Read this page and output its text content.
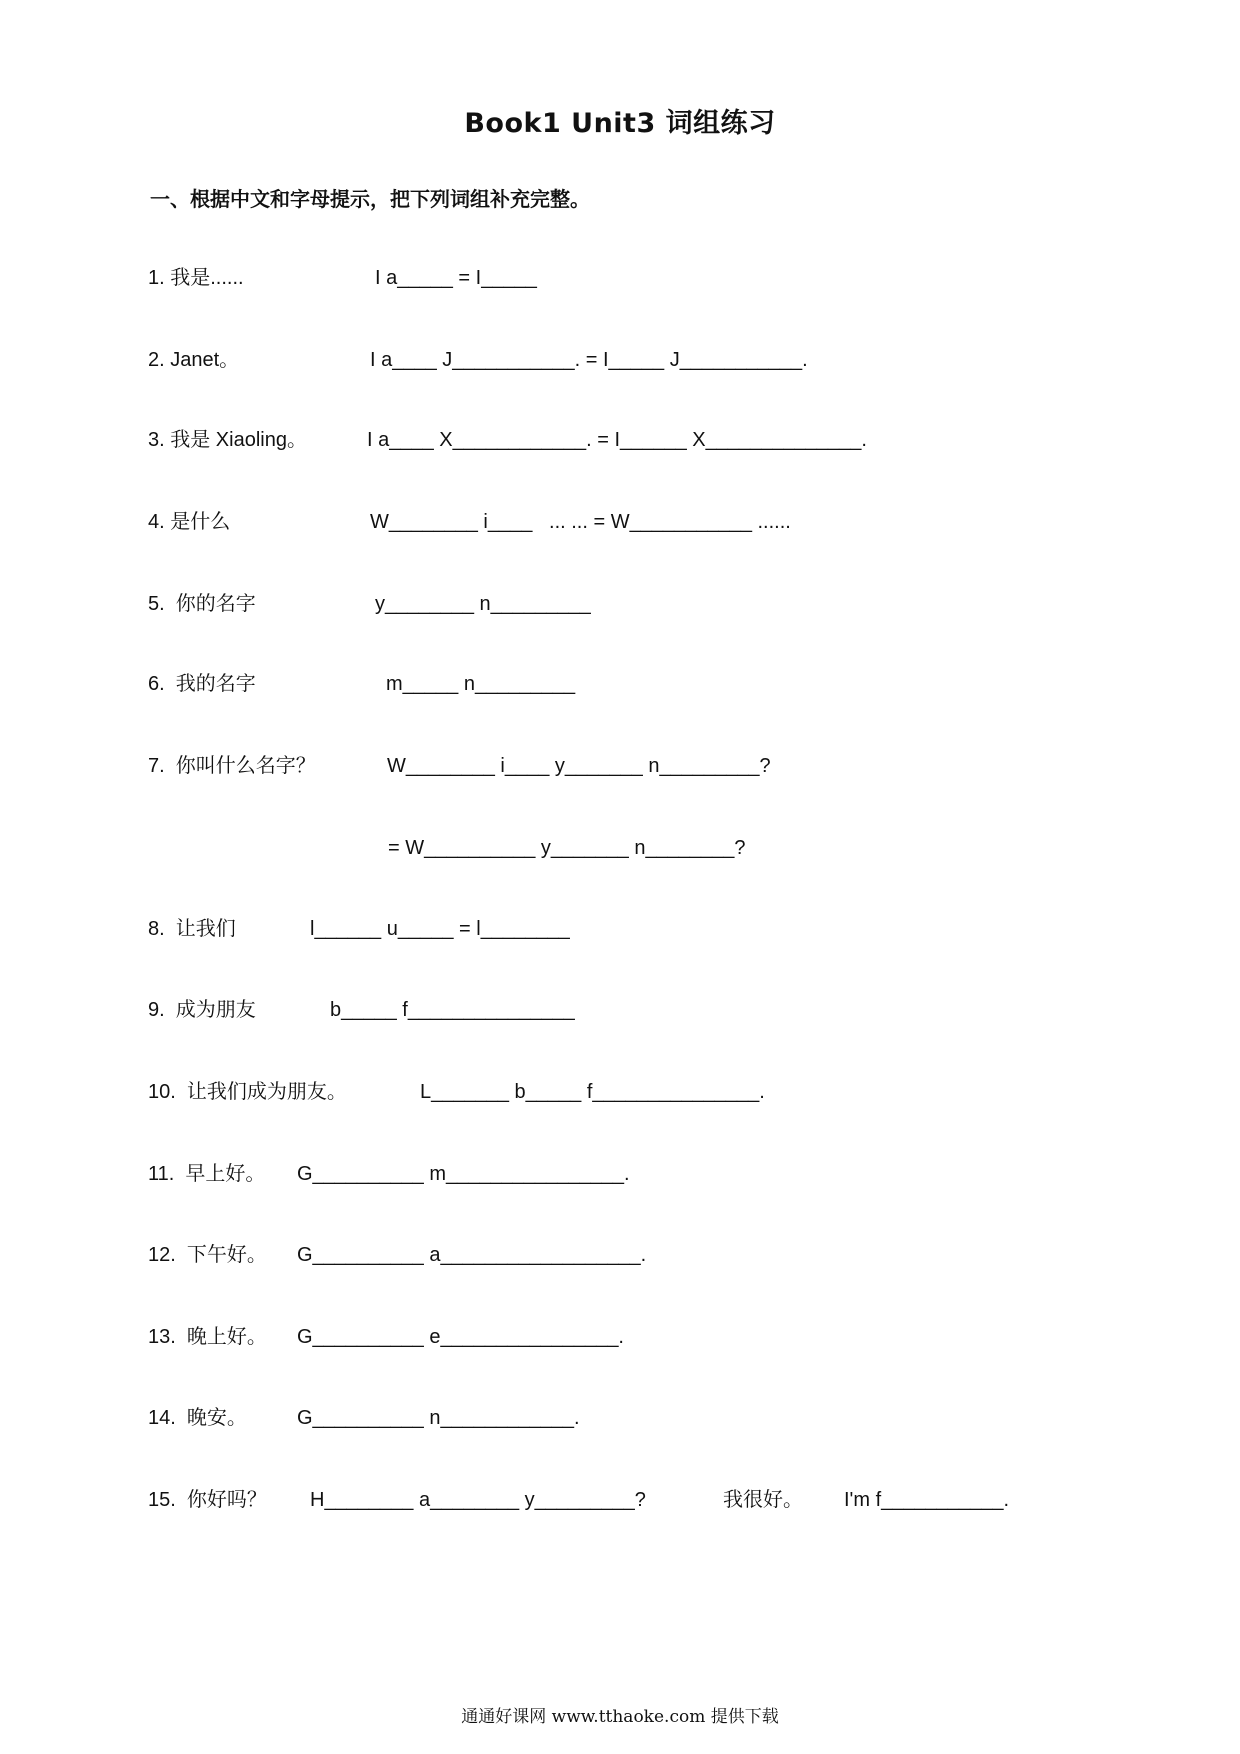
Book1 Unit3 词组练习
一、根据中文和字母提示，把下列词组补充完整。
1. 我是......	I a_____ = I_____
2. Janet。	I a____ J___________. = I_____ J___________.
3. 我是 Xiaoling。	I a____ X____________. = I______ X______________.
4. 是什么	W________ i____   ... ... = W___________ ......
5.  你的名字	y________ n_________
6.  我的名字	m_____ n_________
7.  你叫什么名字？	W________ i____ y_______ n_________?
= W__________ y_______ n________?
8.  让我们	l______ u_____ = l________
9.  成为朋友	b_____ f_______________
10.  让我们成为朋友。	L_______ b_____ f_______________.
11.  早上好。 G__________ m________________.
12.  下午好。 G__________ a__________________.
13.  晚上好。 G__________ e________________.
14.  晚安。	G__________ n____________.
15.  你好吗？ H________ a________ y_________?	我很好。 I'm f___________.
通通好课网 www.tthaoke.com 提供下载
